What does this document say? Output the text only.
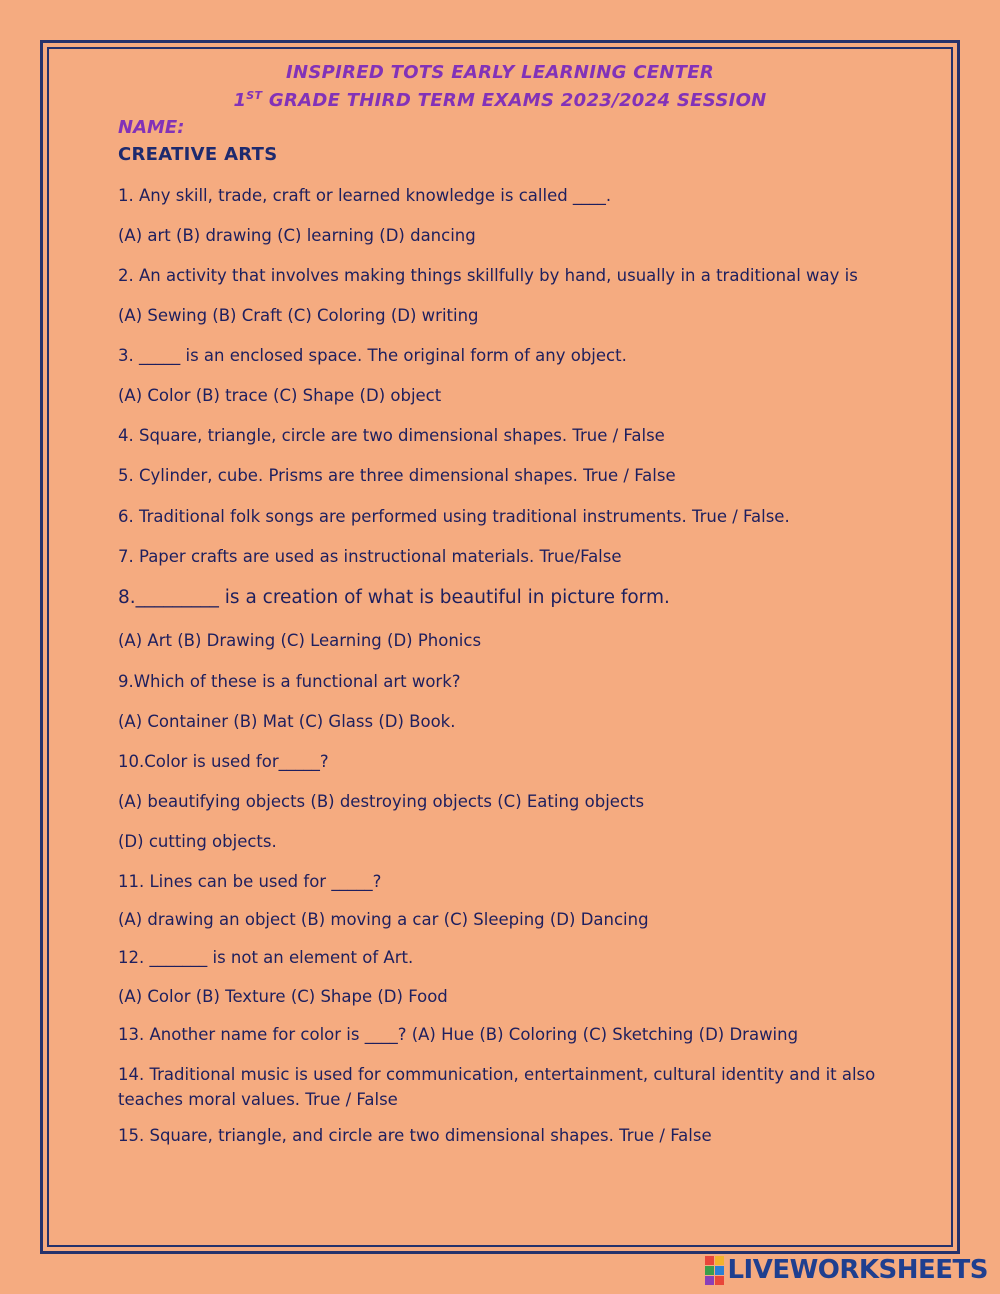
INSPIRED TOTS EARLY LEARNING CENTER
1ST GRADE THIRD TERM EXAMS 2023/2024 SESSION
NAME:
CREATIVE ARTS
1. Any skill, trade, craft or learned knowledge is called ____.
(A) art (B) drawing (C) learning (D) dancing
2. An activity that involves making things skillfully by hand, usually in a traditional way is
(A) Sewing (B) Craft (C) Coloring (D) writing
3. _____ is an enclosed space. The original form of any object.
(A) Color (B) trace (C) Shape (D) object
4. Square, triangle, circle are two dimensional shapes. True / False
5. Cylinder, cube. Prisms are three dimensional shapes. True / False
6. Traditional folk songs are performed using traditional instruments. True / False.
7. Paper crafts are used as instructional materials. True/False
8._________ is a creation of what is beautiful in picture form.
(A) Art (B) Drawing (C) Learning (D) Phonics
9.Which of these is a functional art work?
(A) Container (B) Mat (C) Glass (D) Book.
10.Color is used for_____?
(A) beautifying objects (B) destroying objects (C) Eating objects
(D) cutting objects.
11. Lines can be used for _____?
(A) drawing an object (B) moving a car (C) Sleeping (D) Dancing
12. _______ is not an element of Art.
(A) Color (B) Texture (C) Shape (D) Food
13. Another name for color is ____? (A) Hue (B) Coloring (C) Sketching (D) Drawing
14. Traditional music is used for communication, entertainment, cultural identity and it also teaches moral values. True / False
15. Square, triangle, and circle are two dimensional shapes. True / False
LIVEWORKSHEETS
